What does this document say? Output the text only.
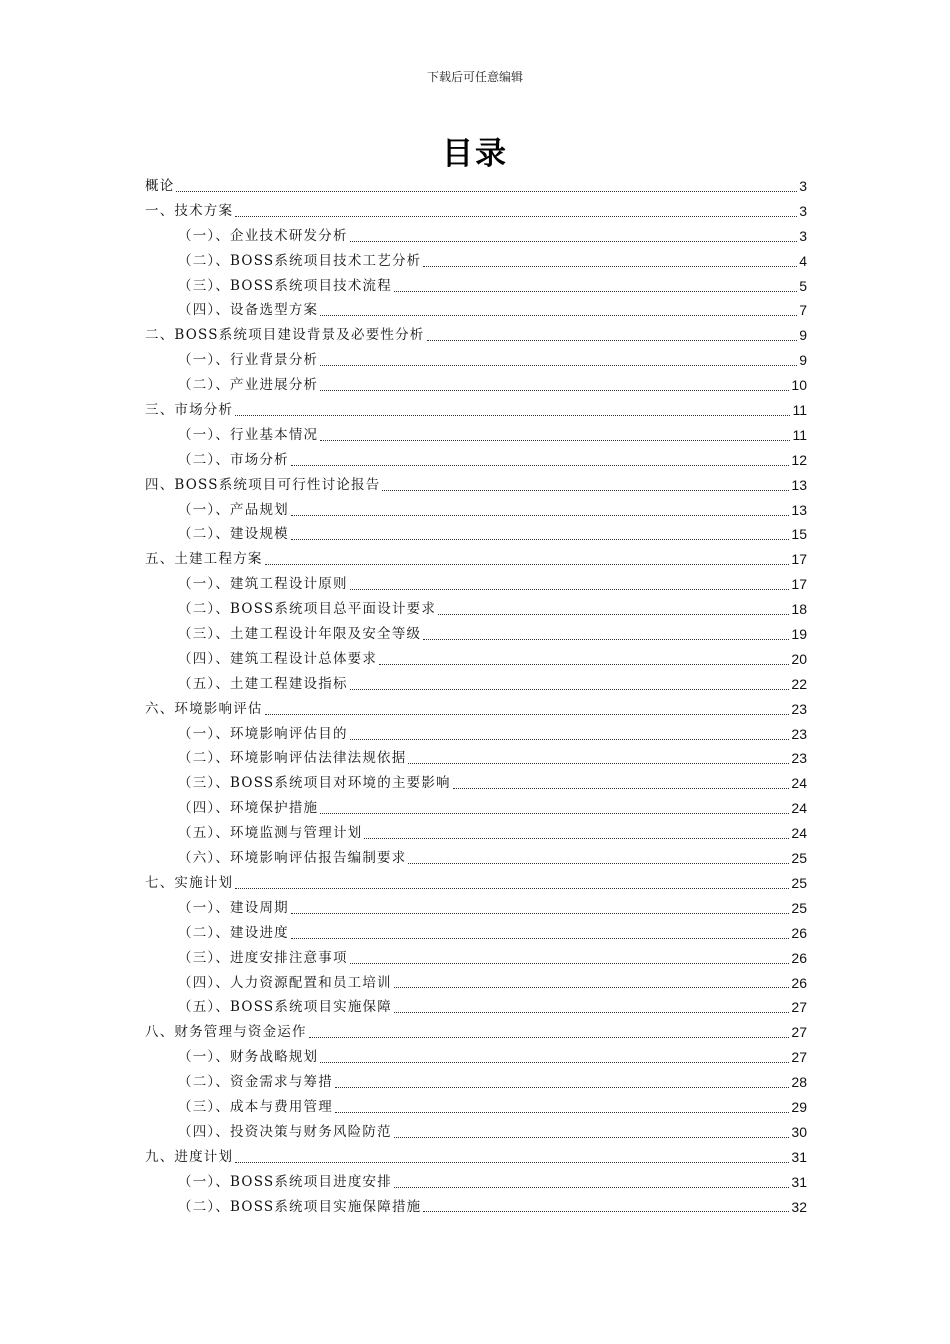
下载后可任意编辑
目录
概论	3
一、技术方案	3
（一）、企业技术研发分析	3
（二）、BOSS系统项目技术工艺分析	4
（三）、BOSS系统项目技术流程	5
（四）、设备选型方案	7
二、BOSS系统项目建设背景及必要性分析	9
（一）、行业背景分析	9
（二）、产业进展分析	10
三、市场分析	11
（一）、行业基本情况	11
（二）、市场分析	12
四、BOSS系统项目可行性讨论报告	13
（一）、产品规划	13
（二）、建设规模	15
五、土建工程方案	17
（一）、建筑工程设计原则	17
（二）、BOSS系统项目总平面设计要求	18
（三）、土建工程设计年限及安全等级	19
（四）、建筑工程设计总体要求	20
（五）、土建工程建设指标	22
六、环境影响评估	23
（一）、环境影响评估目的	23
（二）、环境影响评估法律法规依据	23
（三）、BOSS系统项目对环境的主要影响	24
（四）、环境保护措施	24
（五）、环境监测与管理计划	24
（六）、环境影响评估报告编制要求	25
七、实施计划	25
（一）、建设周期	25
（二）、建设进度	26
（三）、进度安排注意事项	26
（四）、人力资源配置和员工培训	26
（五）、BOSS系统项目实施保障	27
八、财务管理与资金运作	27
（一）、财务战略规划	27
（二）、资金需求与筹措	28
（三）、成本与费用管理	29
（四）、投资决策与财务风险防范	30
九、进度计划	31
（一）、BOSS系统项目进度安排	31
（二）、BOSS系统项目实施保障措施	32
